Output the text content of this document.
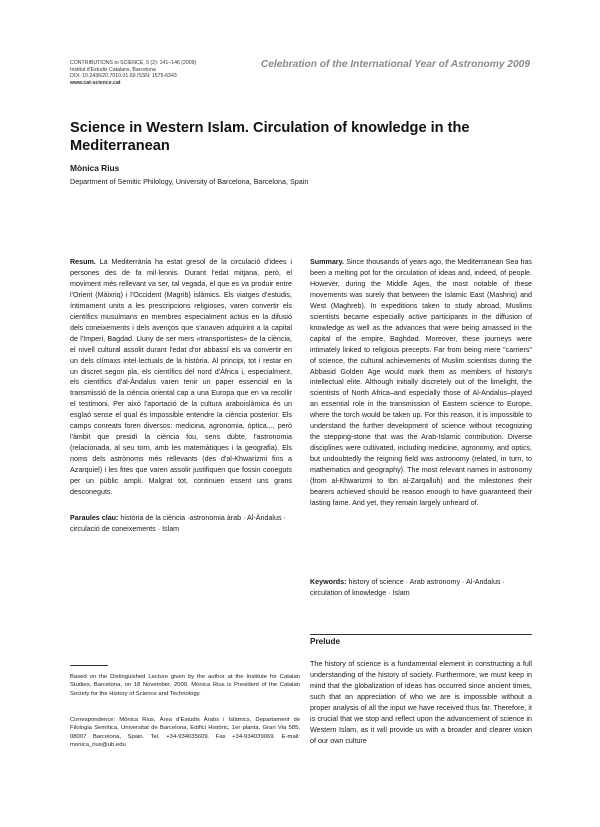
CONTRIBUTIONS to SCIENCE, 5 (2): 141–146 (2009)
Institut d'Estudis Catalans, Barcelona
DOI: 10.2436/20.7010.01.69 ISSN: 1575-6343
www.cat-science.cat
Celebration of the International Year of Astronomy 2009
Science in Western Islam. Circulation of knowledge in the Mediterranean
Mònica Rius
Department of Semitic Philology, University of Barcelona, Barcelona, Spain

Resum. La Mediterrània ha estat gresol de la circulació d'idees i persones des de fa mil·lennis. Durant l'edat mitjana, però, el moviment més rellevant va ser, tal vegada, el que es va produir entre l'Orient (Màixriq) i l'Occident (Magrib) islàmics. Els viatges d'estudis, íntimament units a les prescripcions religioses, varen convertir els científics musulmans en membres especialment actius en la difusió dels coneixements i dels avenços que s'anaven adquirint a la capital de l'Imperi, Bagdad. Lluny de ser mers «transportistes» de la ciència, el nivell cultural assolit durant l'edat d'or abbassí els va convertir en un dels clímaxs intel·lectuals de la història. Al principi, tot i restar en un discret segon pla, els científics del nord d'Àfrica i, especialment, els científics d'al-Àndalus varen tenir un paper essencial en la transmissió de la ciència oriental cap a una Europa que en va recollir el testimoni. Per això l'aportació de la cultura araboislàmica és un esglaó sense el qual és impossible entendre la ciència posterior. Els camps conreats foren diversos: medicina, agronomia, òptica..., però l'àmbit que presidí la ciència fou, sens dubte, l'astronomia (relacionada, al seu torn, amb les matemàtiques i la geografia). Els noms dels astrònoms més rellevants (des d'al-Khwarizmi fins a Azarquiel) i les fites que varen assolir justifiquen que fossin coneguts per un públic ampli. Malgrat tot, continuen essent uns grans desconeguts.

Paraules clau: història de la ciència ·astronomia àrab · Al-Àndalus · circulació de coneixements · Islam

Summary. Since thousands of years ago, the Mediterranean Sea has been a melting pot for the circulation of ideas and, indeed, of people. However, during the Middle Ages, the most notable of these movements was surely that between the Islamic East (Mashriq) and West (Maghreb). In expeditions taken to study abroad, Muslims scientists became especially active participants in the diffusion of knowledge as well as the advances that were being amassed in the capital of the empire, Baghdad. Moreover, these journeys were intimately linked to religious precepts. Far from being mere "carriers" of science, the cultural achievements of Muslim scientists during the Abbasid Golden Age would mark them as members of history's intellectual elite. Although initially discretely out of the limelight, the scientists of North Africa–and especially those of Al-Andalus–played an essential role in the transmission of Eastern science to Europe, where the torch would be taken up. For this reason, it is impossible to understand the further development of science without recognizing the stepping-stone that was the Arab-Islamic contribution. Diverse disciplines were cultivated, including medicine, agronomy, and optics, but undoubtedly the reigning field was astronomy (related, in turn, to mathematics and geography). The most relevant names in astronomy (from al-Khwarizmi to Ibn al-Zarqalluh) and the milestones their bearers achieved should be reason enough to have guaranteed their lasting fame. And yet, they remain largely unheard of.

Keywords: history of science · Arab astronomy · Al-Andalus · circulation of knowledge · Islam
Based on the Distinguished Lecture given by the author at the Institute for Catalan Studies, Barcelona, on 18 November, 2009. Mònica Rius is President of the Catalan Society for the History of Science and Technology.
Correspondence: Mònica Rius, Àrea d'Estudis Àrabs i Islàmics, Departament de Filologia Semítica, Universitat de Barcelona, Edifici Històric, 1er planta, Gran Via 585, 08007 Barcelona, Spain. Tel. +34-934035609. Fax +34-934039069. E-mail: monica_rius@ub.edu
Prelude
The history of science is a fundamental element in constructing a full understanding of the history of society. Furthermore, we must keep in mind that the globalization of ideas has occurred since ancient times, such that an appreciation of who we are is impossible without a proper analysis of all the input we have received thus far. Therefore, it is crucial that we stop and reflect upon the advancement of science in Western Islam, as it will provide us with a broader and clearer vision of our own culture
